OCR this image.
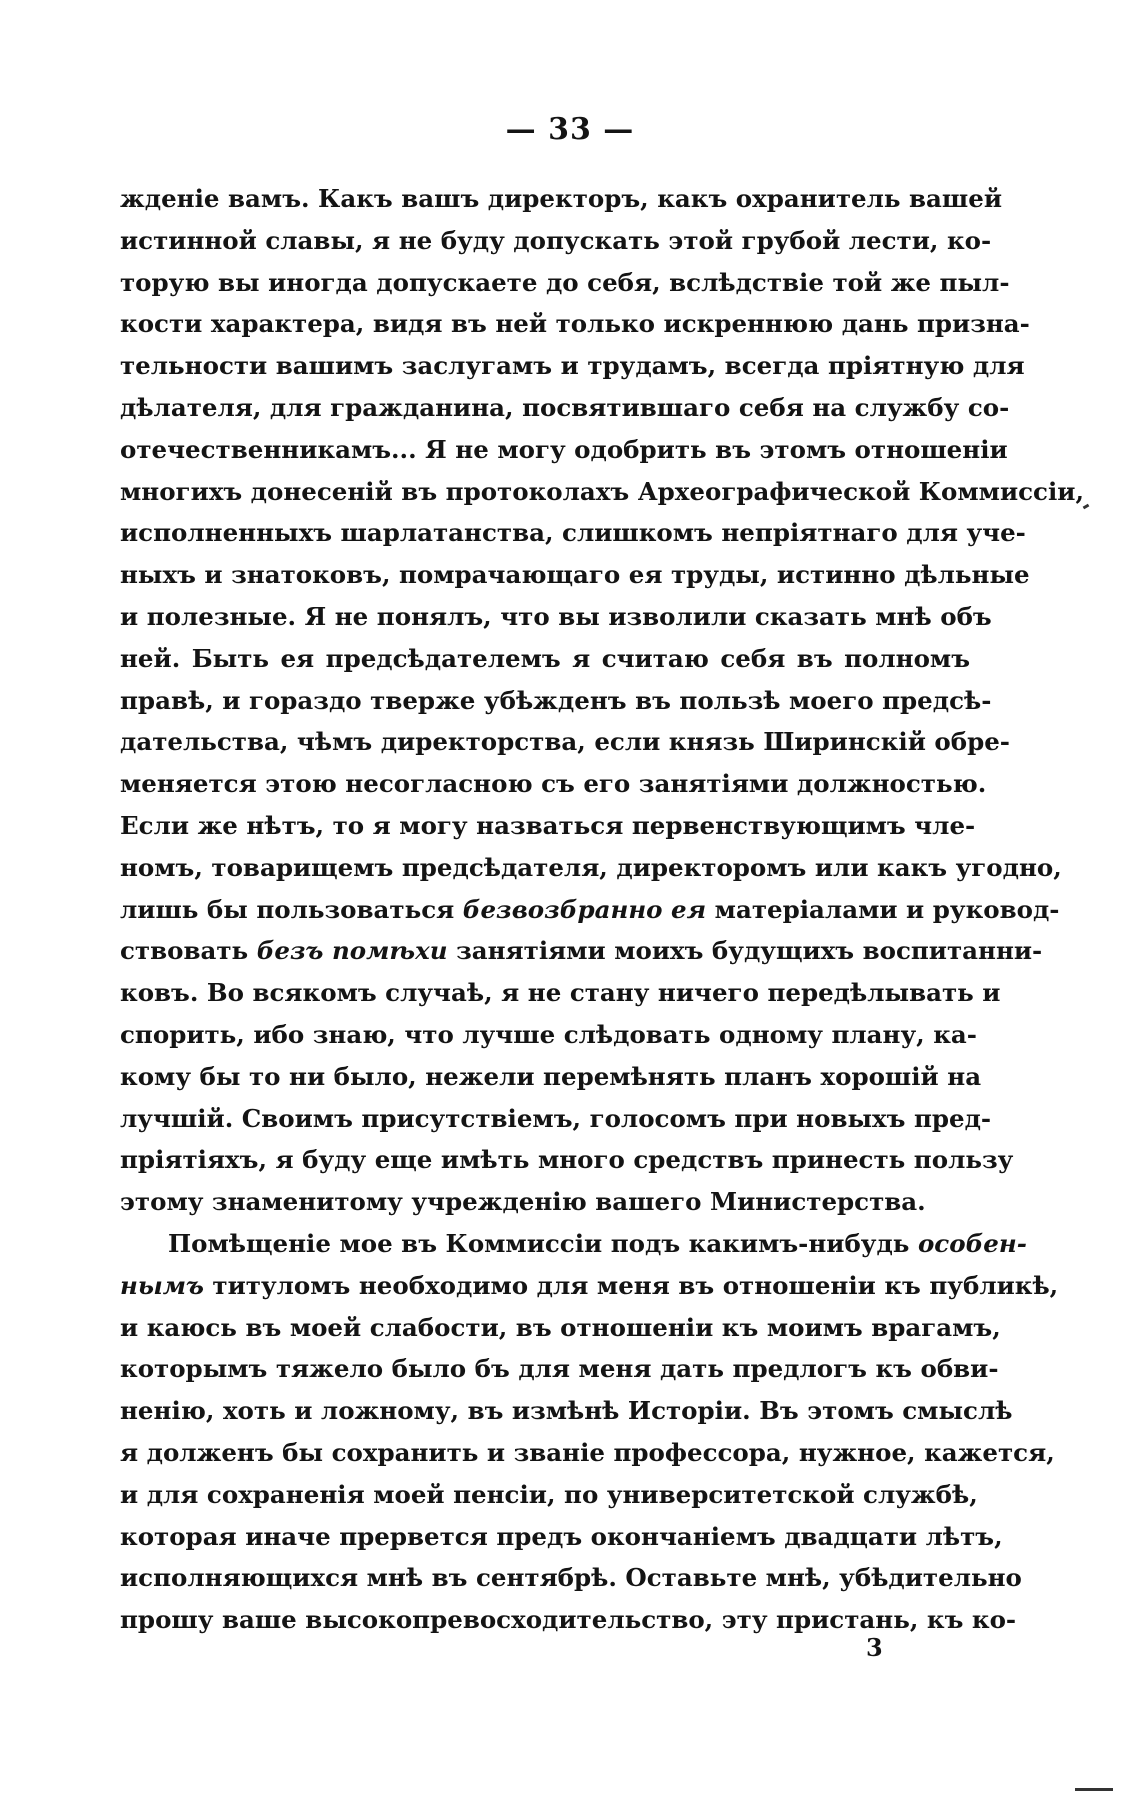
— 33 —
жденіе вамъ. Какъ вашъ директоръ, какъ охранитель вашей
истинной славы, я не буду допускать этой грубой лести, ко-
торую вы иногда допускаете до себя, вслѣдствіе той же пыл-
кости характера, видя въ ней только искреннюю дань призна-
тельности вашимъ заслугамъ и трудамъ, всегда пріятную для
дѣлателя, для гражданина, посвятившаго себя на службу со-
отечественникамъ... Я не могу одобрить въ этомъ отношеніи
многихъ донесеній въ протоколахъ Археографической Коммиссіи,
исполненныхъ шарлатанства, слишкомъ непріятнаго для уче-
ныхъ и знатоковъ, помрачающаго ея труды, истинно дѣльные
и полезные. Я не понялъ, что вы изволили сказать мнѣ объ
ней. Быть ея предсѣдателемъ я считаю себя въ полномъ
правѣ, и гораздо тверже убѣжденъ въ пользѣ моего предсѣ-
дательства, чѣмъ директорства, если князь Ширинскій обре-
меняется этою несогласною съ его занятіями должностью.
Если же нѣтъ, то я могу назваться первенствующимъ чле-
номъ, товарищемъ предсѣдателя, директоромъ или какъ угодно,
лишь бы пользоваться безвозбранно ея матеріалами и руковод-
ствовать безъ помѣхи занятіями моихъ будущихъ воспитанни-
ковъ. Во всякомъ случаѣ, я не стану ничего передѣлывать и
спорить, ибо знаю, что лучше слѣдовать одному плану, ка-
кому бы то ни было, нежели перемѣнять планъ хорошій на
лучшій. Своимъ присутствіемъ, голосомъ при новыхъ пред-
пріятіяхъ, я буду еще имѣть много средствъ принесть пользу
этому знаменитому учрежденію вашего Министерства.
Помѣщеніе мое въ Коммиссіи подъ какимъ-нибудь особен-
нымъ титуломъ необходимо для меня въ отношеніи къ публикѣ,
и каюсь въ моей слабости, въ отношеніи къ моимъ врагамъ,
которымъ тяжело было бъ для меня дать предлогъ къ обви-
ненію, хоть и ложному, въ измѣнѣ Исторіи. Въ этомъ смыслѣ
я долженъ бы сохранить и званіе профессора, нужное, кажется,
и для сохраненія моей пенсіи, по университетской службѣ,
которая иначе прервется предъ окончаніемъ двадцати лѣтъ,
исполняющихся мнѣ въ сентябрѣ. Оставьте мнѣ, убѣдительно
прошу ваше высокопревосходительство, эту пристань, къ ко-
3
